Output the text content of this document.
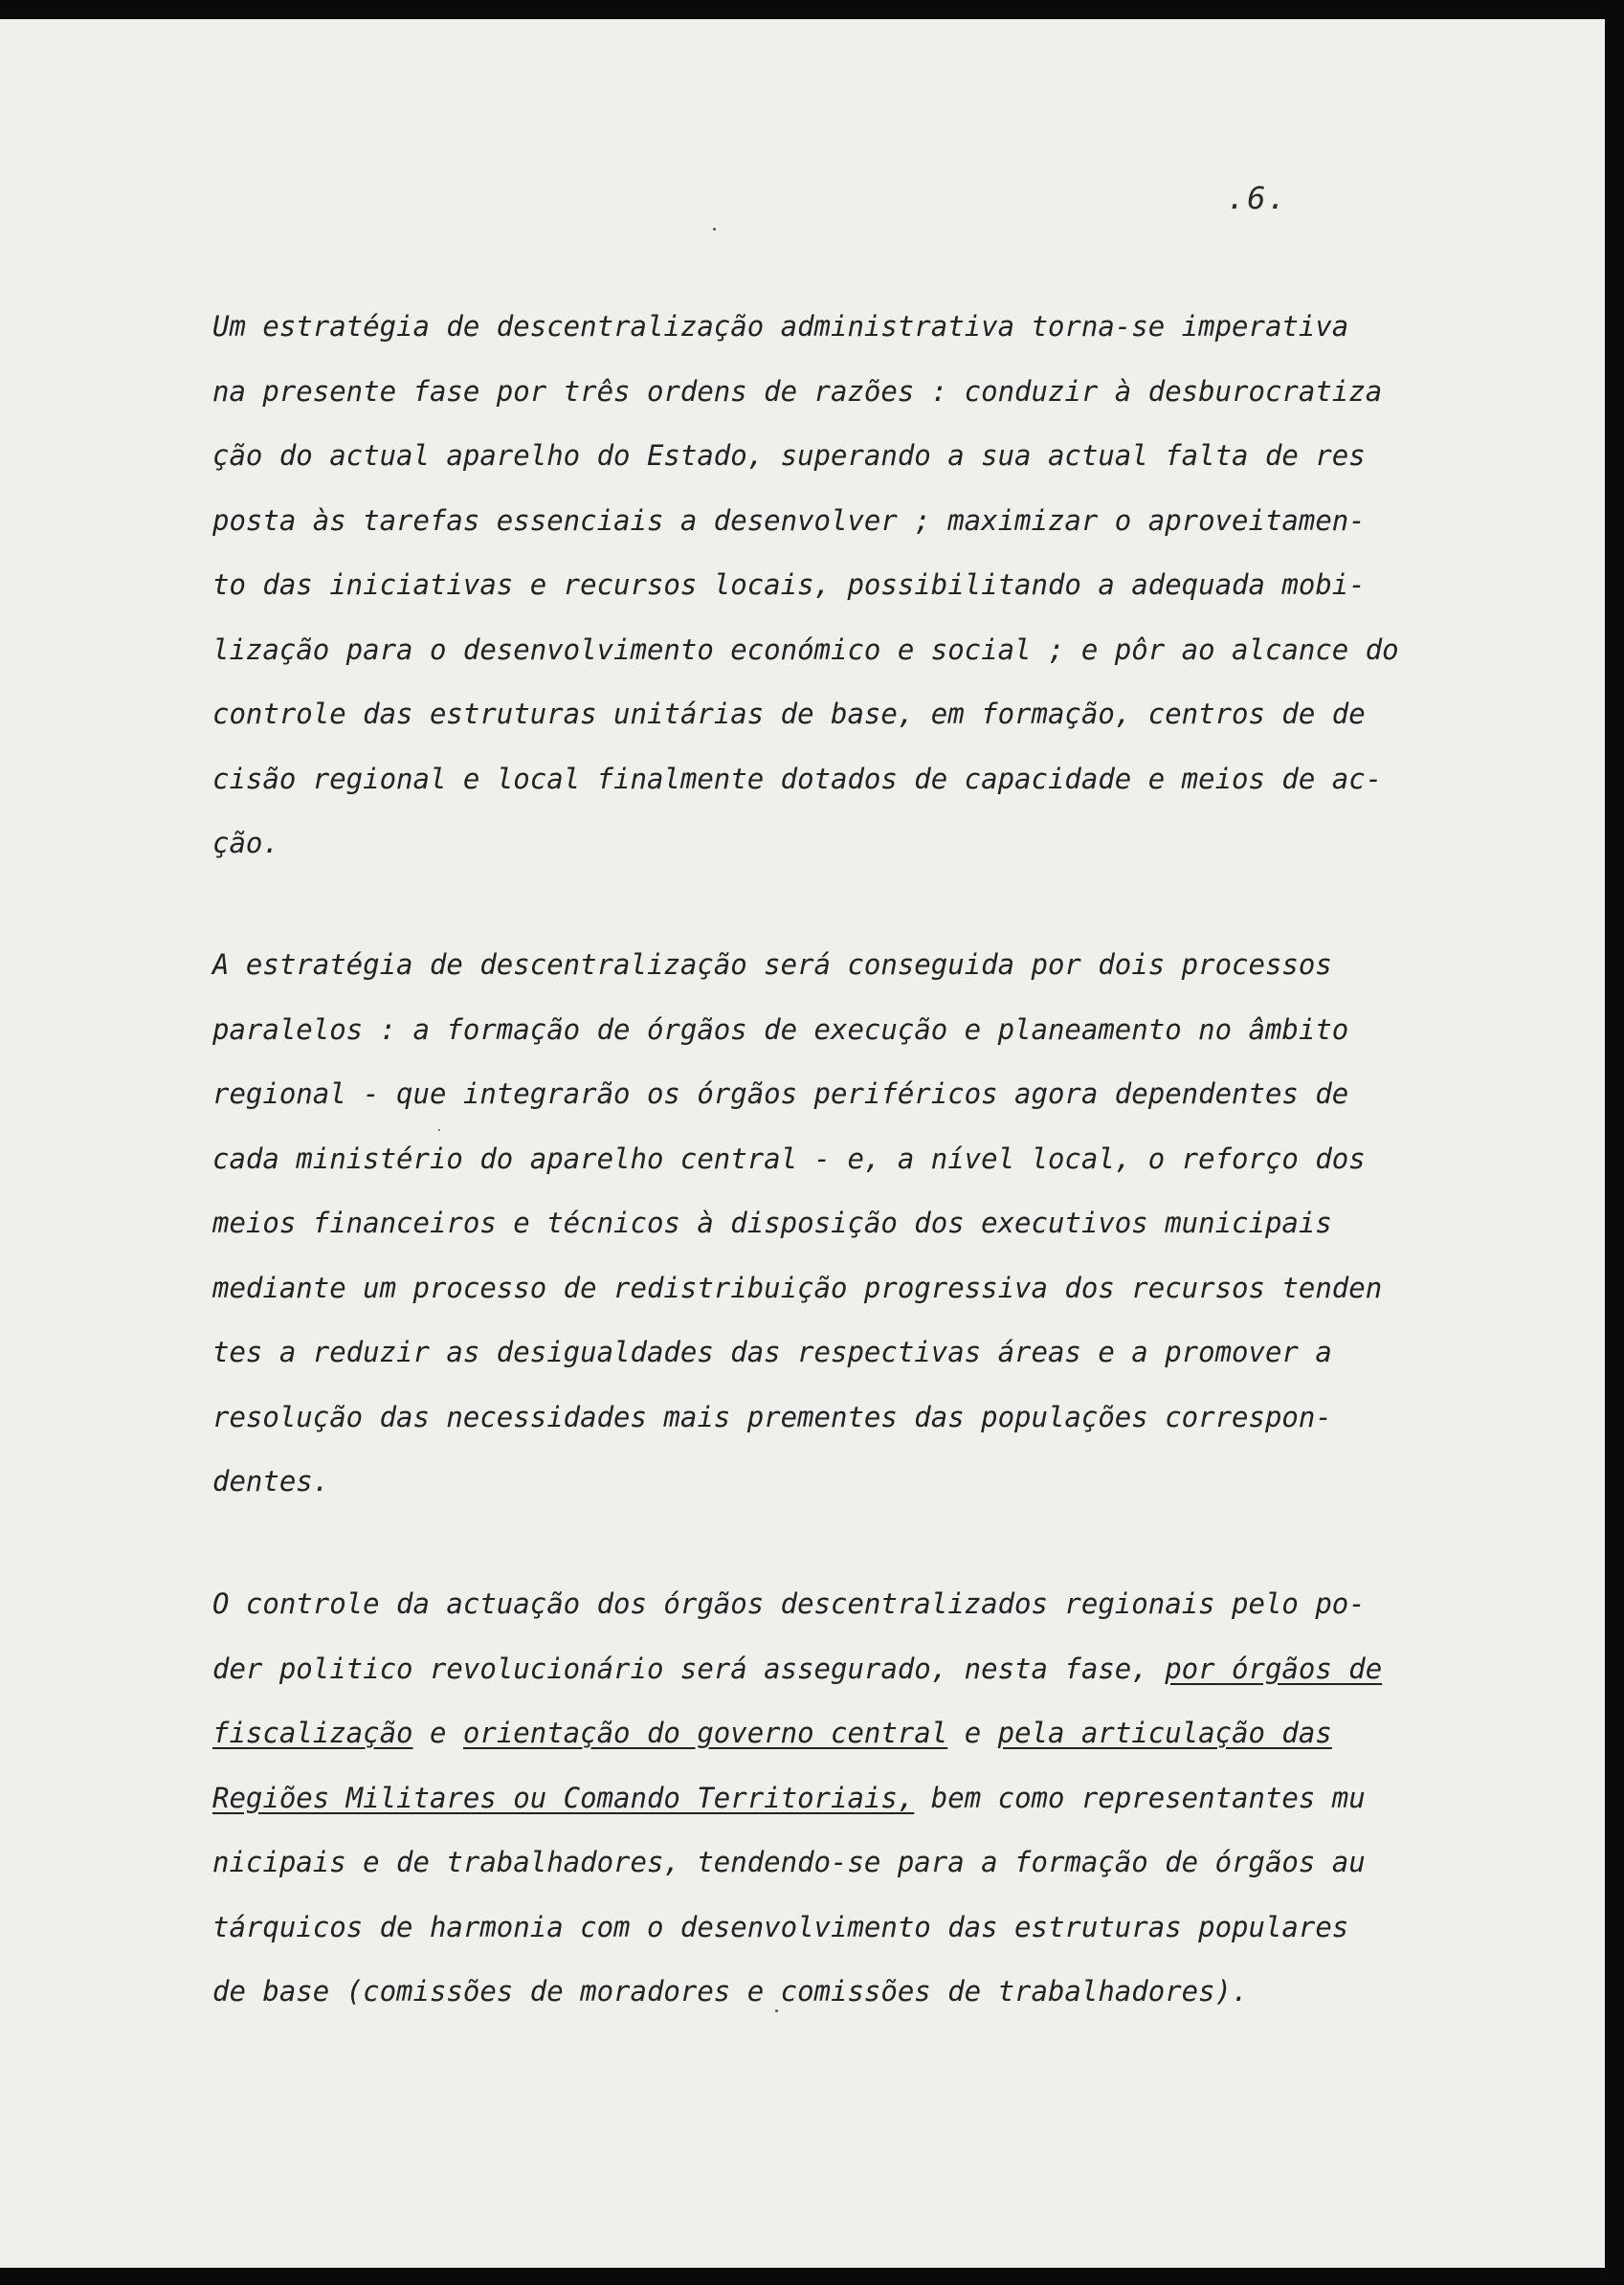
.6.
Um estratégia de descentralização administrativa torna-se imperativa
na presente fase por três ordens de razões : conduzir à desburocratiza
ção do actual aparelho do Estado, superando a sua actual falta de res
posta às tarefas essenciais a desenvolver ; maximizar o aproveitamen-
to das iniciativas e recursos locais, possibilitando a adequada mobi-
lização para o desenvolvimento económico e social ; e pôr ao alcance do
controle das estruturas unitárias de base, em formação, centros de de
cisão regional e local finalmente dotados de capacidade e meios de ac-
ção.
A estratégia de descentralização será conseguida por dois processos
paralelos : a formação de órgãos de execução e planeamento no âmbito
regional - que integrarão os órgãos periféricos agora dependentes de
cada ministério do aparelho central - e, a nível local, o reforço dos
meios financeiros e técnicos à disposição dos executivos municipais
mediante um processo de redistribuição progressiva dos recursos tenden
tes a reduzir as desigualdades das respectivas áreas e a promover a
resolução das necessidades mais prementes das populações correspon-
dentes.
O controle da actuação dos órgãos descentralizados regionais pelo po-
der politico revolucionário será assegurado, nesta fase, por órgãos de
fiscalização e orientação do governo central e pela articulação das
Regiões Militares ou Comando Territoriais, bem como representantes mu
nicipais e de trabalhadores, tendendo-se para a formação de órgãos au
tárquicos de harmonia com o desenvolvimento das estruturas populares
de base (comissões de moradores e comissões de trabalhadores).
